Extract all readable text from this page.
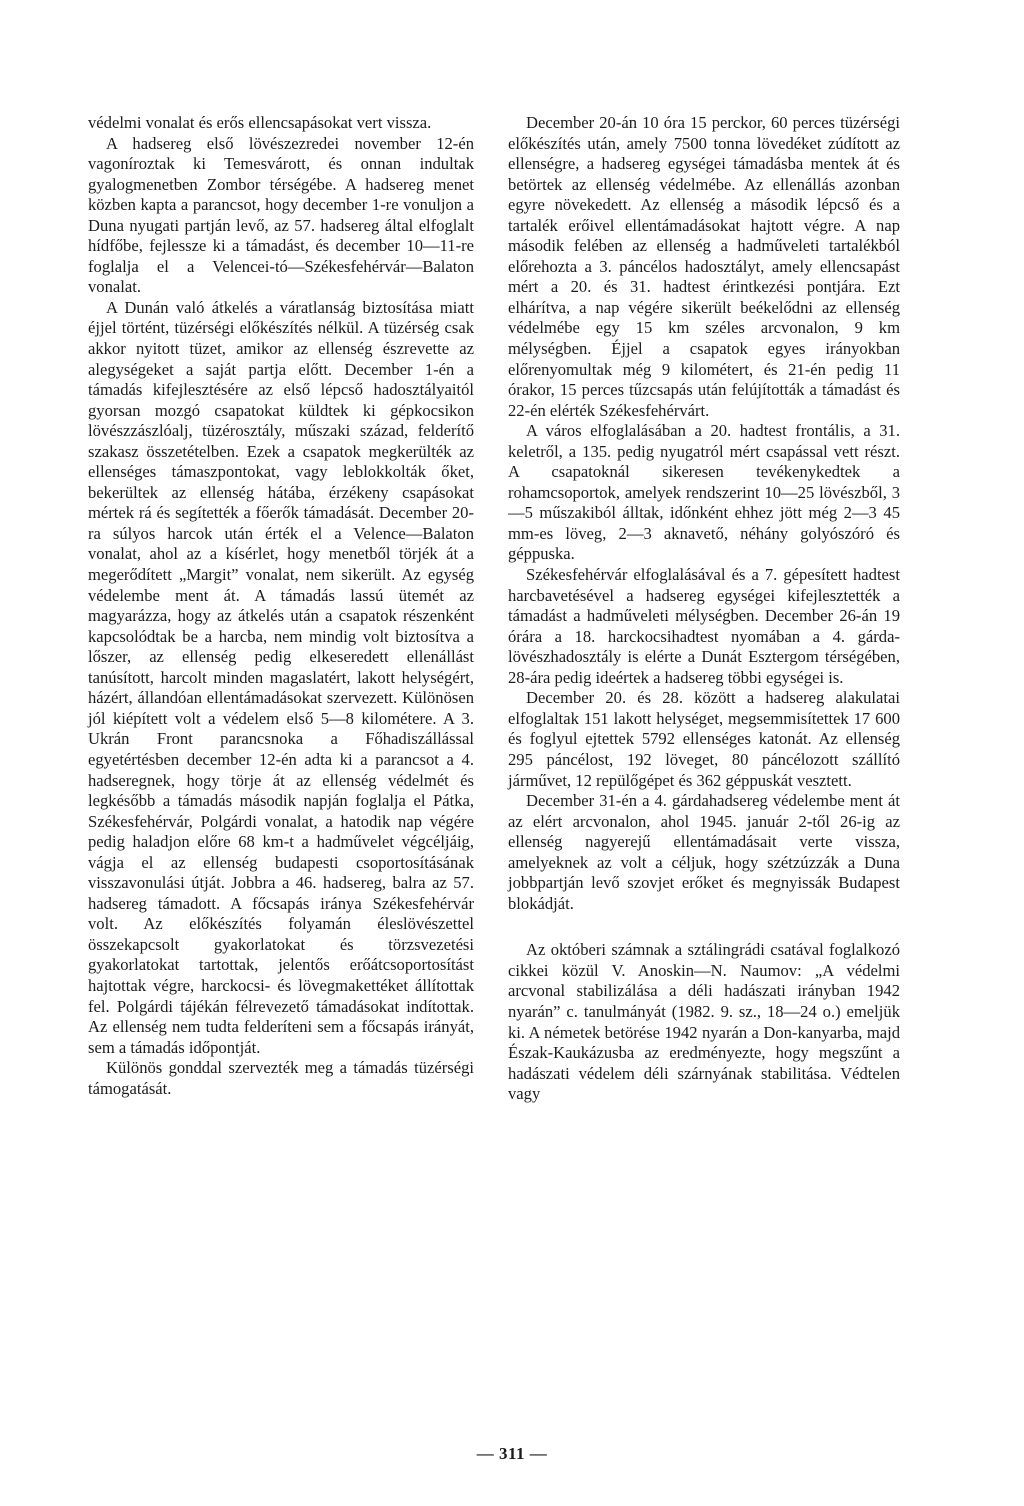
védelmi vonalat és erős ellencsapásokat vert vissza.

A hadsereg első lövészezredei november 12-én vagoníroztak ki Temesvárott, és onnan indultak gyalogmenetben Zombor térségébe. A hadsereg menet közben kapta a parancsot, hogy december 1-re vonuljon a Duna nyugati partján levő, az 57. hadsereg által elfoglalt hídfőbe, fejlessze ki a támadást, és december 10—11-re foglalja el a Velencei-tó—Székesfehérvár—Balaton vonalat.

A Dunán való átkelés a váratlanság biztosítása miatt éjjel történt, tüzérségi előkészítés nélkül. A tüzérség csak akkor nyitott tüzet, amikor az ellenség észrevette az alegységeket a saját partja előtt. December 1-én a támadás kifejlesztésére az első lépcső hadosztályaitól gyorsan mozgó csapatokat küldtek ki gépkocsikon lövészzászlóalj, tüzérosztály, műszaki század, felderítő szakasz összetételben. Ezek a csapatok megkerülték az ellenséges támaszpontokat, vagy leblokkolták őket, bekerültek az ellenség hátába, érzékeny csapásokat mértek rá és segítették a főerők támadását. December 20-ra súlyos harcok után érték el a Velence—Balaton vonalat, ahol az a kísérlet, hogy menetből törjék át a megerődített „Margit” vonalat, nem sikerült. Az egység védelembe ment át. A támadás lassú ütemét az magyarázza, hogy az átkelés után a csapatok részenként kapcsolódtak be a harcba, nem mindig volt biztosítva a lőszer, az ellenség pedig elkeseredett ellenállást tanúsított, harcolt minden magaslatért, lakott helységért, házért, állandóan ellentámadásokat szervezett. Különösen jól kiépített volt a védelem első 5—8 kilométere. A 3. Ukrán Front parancsnoka a Főhadiszállással egyetértésben december 12-én adta ki a parancsot a 4. hadseregnek, hogy törje át az ellenség védelmét és legkésőbb a támadás második napján foglalja el Pátka, Székesfehérvár, Polgárdi vonalat, a hatodik nap végére pedig haladjon előre 68 km-t a hadművelet végcéljáig, vágja el az ellenség budapesti csoportosításának visszavonulási útját. Jobbra a 46. hadsereg, balra az 57. hadsereg támadott. A főcsapás iránya Székesfehérvár volt. Az előkészítés folyamán éleslövészettel összekapcsolt gyakorlatokat és törzsvezetési gyakorlatokat tartottak, jelentős erőátcsoportosítást hajtottak végre, harckocsi- és lövegmakettéket állítottak fel. Polgárdi tájékán félrevezető támadásokat indítottak. Az ellenség nem tudta felderíteni sem a főcsapás irányát, sem a támadás időpontját.

Különös gonddal szervezték meg a támadás tüzérségi támogatását.

December 20-án 10 óra 15 perckor, 60 perces tüzérségi előkészítés után, amely 7500 tonna lövedéket zúdított az ellenségre, a hadsereg egységei támadásba mentek át és betörtek az ellenség védelmébe. Az ellenállás azonban egyre növekedett. Az ellenség a második lépcső és a tartalék erőivel ellentámadásokat hajtott végre. A nap második felében az ellenség a hadműveleti tartalékból előrehozta a 3. páncélos hadosztályt, amely ellencsapást mért a 20. és 31. hadtest érintkezési pontjára. Ezt elhárítva, a nap végére sikerült beékelődni az ellenség védelmébe egy 15 km széles arcvonalon, 9 km mélységben. Éjjel a csapatok egyes irányokban előrenyomultak még 9 kilométert, és 21-én pedig 11 órakor, 15 perces tűzcsapás után felújították a támadást és 22-én elérték Székesfehérvárt.

A város elfoglalásában a 20. hadtest frontális, a 31. keletről, a 135. pedig nyugatról mért csapással vett részt. A csapatoknál sikeresen tevékenykedtek a rohamcsoportok, amelyek rendszerint 10—25 lövészből, 3—5 műszakiból álltak, időnként ehhez jött még 2—3 45 mm-es löveg, 2—3 aknavető, néhány golyószóró és géppuska.

Székesfehérvár elfoglalásával és a 7. gépesített hadtest harcbavetésével a hadsereg egységei kifejlesztették a támadást a hadműveleti mélységben. December 26-án 19 órára a 18. harckocsihadtest nyomában a 4. gárda-lövészhadosztály is elérte a Dunát Esztergom térségében, 28-ára pedig ideértek a hadsereg többi egységei is.

December 20. és 28. között a hadsereg alakulatai elfoglaltak 151 lakott helységet, megsemmisítettek 17 600 és foglyul ejtettek 5792 ellenséges katonát. Az ellenség 295 páncélost, 192 löveget, 80 páncélozott szállító járművet, 12 repülőgépet és 362 géppuskát vesztett.

December 31-én a 4. gárdahadsereg védelembe ment át az elért arcvonalon, ahol 1945. január 2-től 26-ig az ellenség nagyerejű ellentámadásait verte vissza, amelyeknek az volt a céljuk, hogy szétzúzzák a Duna jobbpartján levő szovjet erőket és megnyissák Budapest blokádját.

Az októberi számnak a sztálingrádi csatával foglalkozó cikkei közül V. Anoskin—N. Naumov: „A védelmi arcvonal stabilizálása a déli hadászati irányban 1942 nyarán” c. tanulmányát (1982. 9. sz., 18—24 o.) emeljük ki. A németek betörése 1942 nyarán a Don-kanyarba, majd Észak-Kaukázusba az eredményezte, hogy megszűnt a hadászati védelem déli szárnyának stabilitása. Védtelen vagy

— 311 —
